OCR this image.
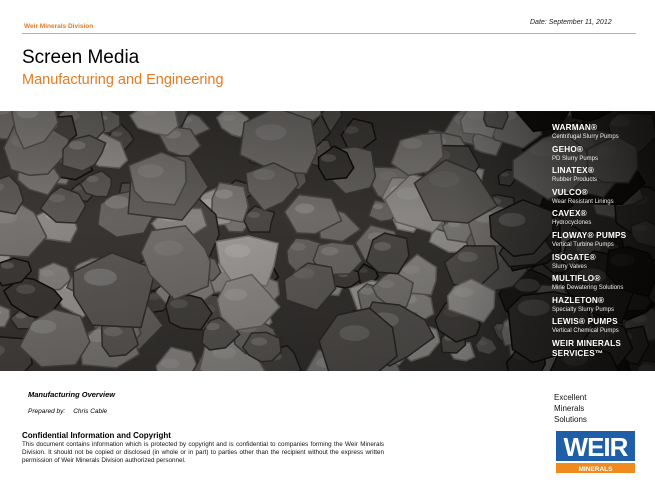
Weir Minerals Division
Date: September 11, 2012
Screen Media
Manufacturing and Engineering
WARMAN®
Centrifugal Slurry Pumps
GEHO®
PD Slurry Pumps
LINATEX®
Rubber Products
VULCO®
Wear Resistant Linings
CAVEX®
Hydrocyclones
FLOWAY® PUMPS
Vertical Turbine Pumps
ISOGATE®
Slurry Valves
MULTIFLO®
Mine Dewatering Solutions
HAZLETON®
Specialty Slurry Pumps
LEWIS® PUMPS
Vertical Chemical Pumps
WEIR MINERALS
SERVICES™
Manufacturing Overview
Prepared by: Chris Cable
Confidential Information and Copyright
This document contains information which is protected by copyright and is confidential to companies forming the Weir Minerals Division. It should not be copied or disclosed (in whole or in part) to parties other than the recipient without the express written permission of Weir Minerals Division authorized personnel.
Excellent
Minerals
Solutions
WEIR
MINERALS
